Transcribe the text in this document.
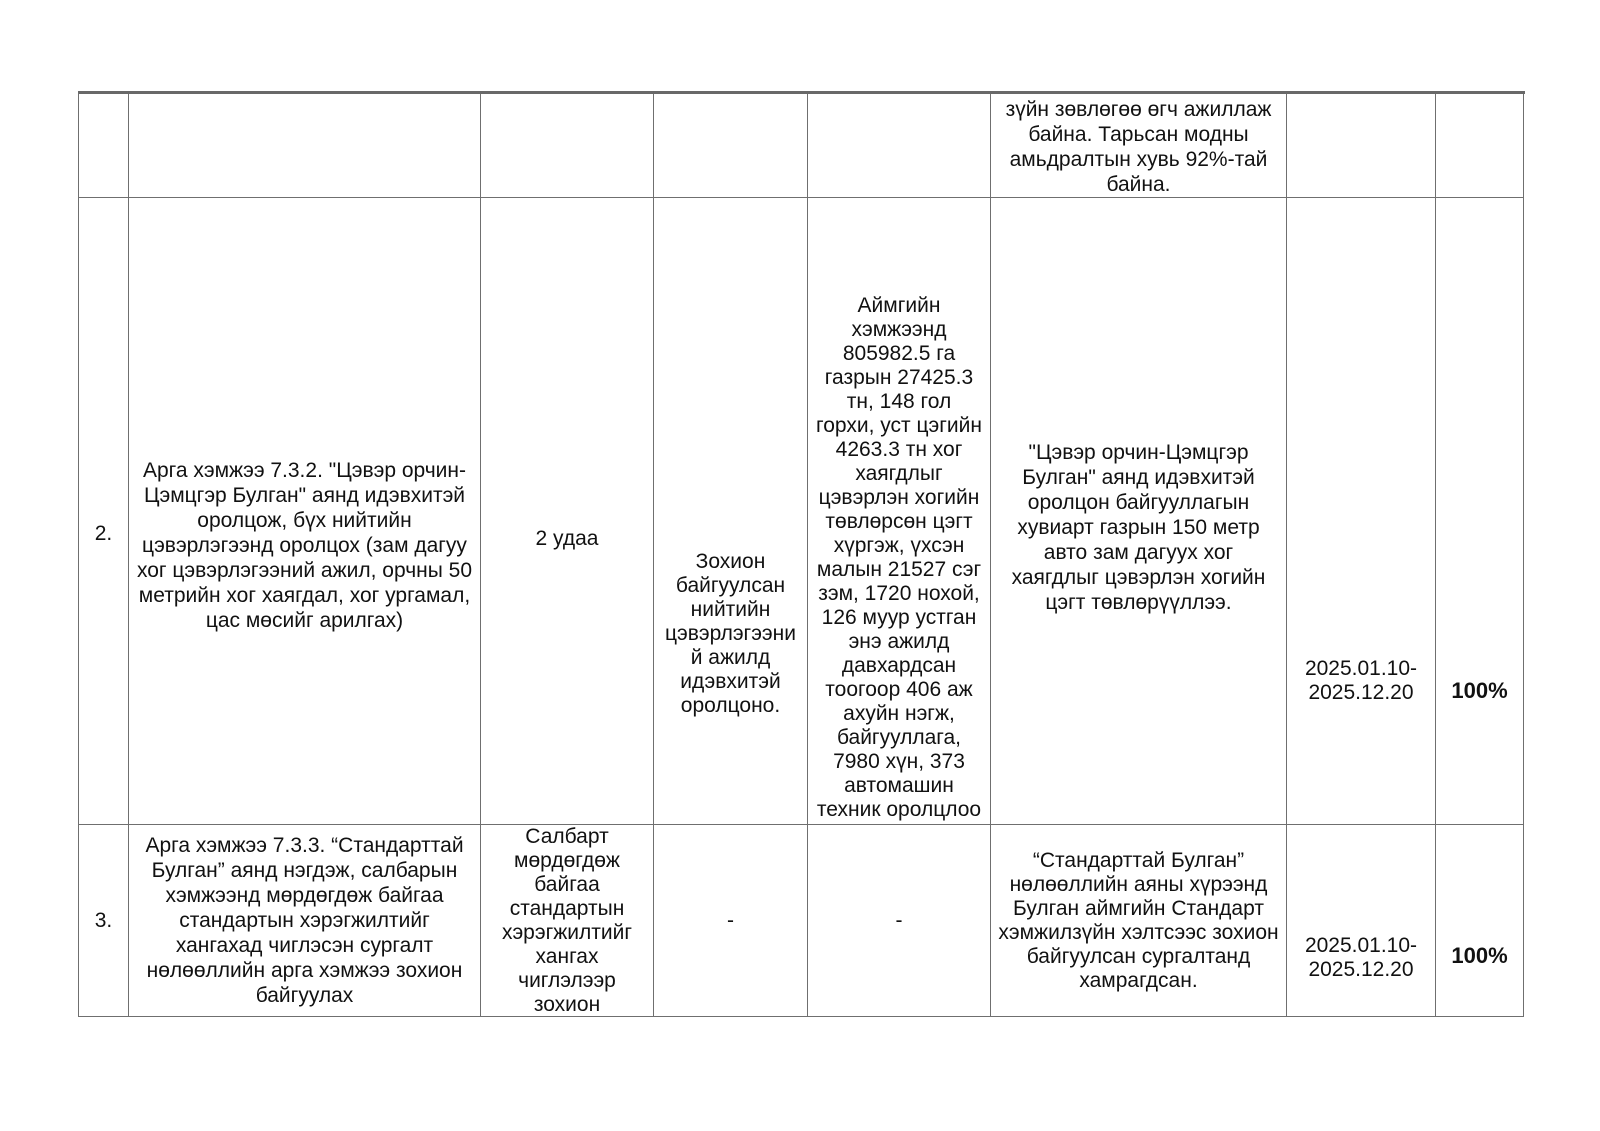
зүйн зөвлөгөө өгч ажиллаж байна. Тарьсан модны амьдралтын хувь 92%-тай байна.
2.
Арга хэмжээ 7.3.2. "Цэвэр орчин-Цэмцгэр Булган" аянд идэвхитэй оролцож, бүх нийтийн цэвэрлэгээнд оролцох (зам дагуу хог цэвэрлэгээний ажил, орчны 50 метрийн хог хаягдал, хог ургамал, цас мөсийг арилгах)
2 удаа
Зохион байгуулсан нийтийн цэвэрлэгээний ажилд идэвхитэй оролцоно.
Аймгийн хэмжээнд 805982.5 га газрын 27425.3 тн, 148 гол горхи, уст цэгийн 4263.3 тн хог хаягдлыг цэвэрлэн хогийн төвлөрсөн цэгт хүргэж, үхсэн малын 21527 сэг зэм, 1720 нохой, 126 муур устган энэ ажилд давхардсан тоогоор 406 аж ахуйн нэгж, байгууллага, 7980 хүн, 373 автомашин техник оролцлоо
"Цэвэр орчин-Цэмцгэр Булган" аянд идэвхитэй оролцон байгууллагын хувиарт газрын 150 метр авто зам дагуух хог хаягдлыг цэвэрлэн хогийн цэгт төвлөрүүллээ.
2025.01.10-2025.12.20	100%
3.
Арга хэмжээ 7.3.3. “Стандарттай Булган” аянд нэгдэж, салбарын хэмжээнд мөрдөгдөж байгаа стандартын хэрэгжилтийг хангахад чиглэсэн сургалт нөлөөллийн арга хэмжээ зохион байгуулах
Салбарт мөрдөгдөж байгаа стандартын хэрэгжилтийг хангах чиглэлээр зохион
-	-
“Стандарттай Булган” нөлөөллийн аяны хүрээнд Булган аймгийн Стандарт хэмжилзүйн хэлтсээс зохион байгуулсан сургалтанд хамрагдсан.
2025.01.10-2025.12.20
100%
